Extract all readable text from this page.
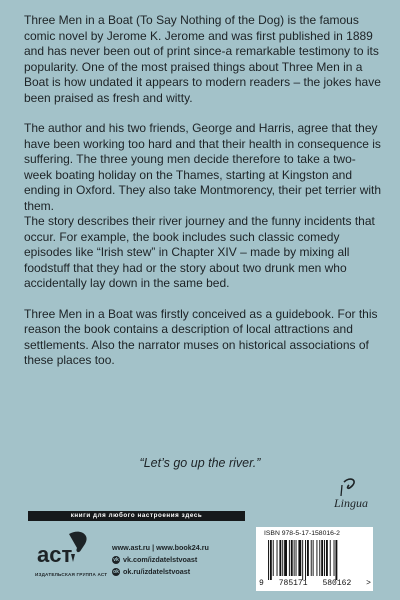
Three Men in a Boat (To Say Nothing of the Dog) is the famous comic novel by Jerome K. Jerome and was first published in 1889 and has never been out of print since-a remarkable testimony to its popularity. One of the most praised things about Three Men in a Boat is how undated it appears to modern readers – the jokes have been praised as fresh and witty.

The author and his two friends, George and Harris, agree that they have been working too hard and that their health in consequence is suffering. The three young men decide therefore to take a two-week boating holiday on the Thames, starting at Kingston and ending in Oxford. They also take Montmorency, their pet terrier with them.

The story describes their river journey and the funny incidents that occur. For example, the book includes such classic comedy episodes like “Irish stew” in Chapter XIV – made by mixing all foodstuff that they had or the story about two drunk men who accidentally lay down in the same bed.

Three Men in a Boat was firstly conceived as a guidebook. For this reason the book contains a description of local attractions and settlements. Also the narrator muses on historical associations of these places too.

“Let’s go up the river.”
Lingua
книги для любого настроения здесь
аст
ИЗДАТЕЛЬСКАЯ ГРУППА АСТ
www.ast.ru | www.book24.ru
vk vk.com/izdatelstvoast
ok ok.ru/izdatelstvoast
ISBN 978-5-17-158016-2
9 785171 580162 >
